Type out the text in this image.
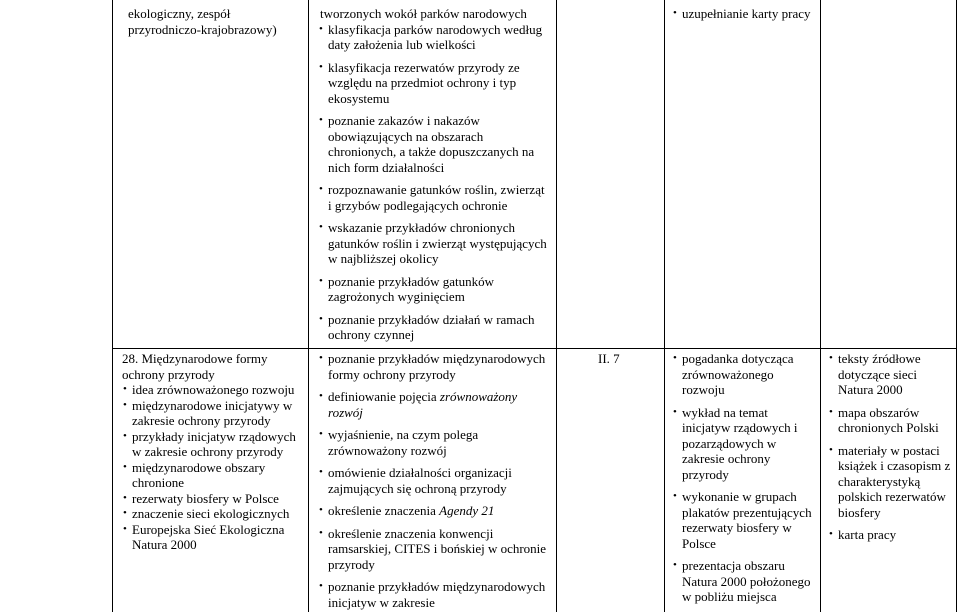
ekologiczny, zespół
przyrodniczo-krajobrazowy)
28. Międzynarodowe formy ochrony przyrody
• idea zrównoważonego rozwoju
• międzynarodowe inicjatywy w zakresie ochrony przyrody
• przykłady inicjatyw rządowych w zakresie ochrony przyrody
• międzynarodowe obszary chronione
• rezerwaty biosfery w Polsce
• znaczenie sieci ekologicznych
• Europejska Sieć Ekologiczna Natura 2000
tworzonych wokół parków narodowych
• klasyfikacja parków narodowych według daty założenia lub wielkości
• klasyfikacja rezerwatów przyrody ze względu na przedmiot ochrony i typ ekosystemu
• poznanie zakazów i nakazów obowiązujących na obszarach chronionych, a także dopuszczanych na nich form działalności
• rozpoznawanie gatunków roślin, zwierząt i grzybów podlegających ochronie
• wskazanie przykładów chronionych gatunków roślin i zwierząt występujących w najbliższej okolicy
• poznanie przykładów gatunków zagrożonych wyginięciem
• poznanie przykładów działań w ramach ochrony czynnej
• poznanie przykładów międzynarodowych formy ochrony przyrody
• definiowanie pojęcia zrównoważony rozwój
• wyjaśnienie, na czym polega zrównoważony rozwój
• omówienie działalności organizacji zajmujących się ochroną przyrody
• określenie znaczenia Agendy 21
• określenie znaczenia konwencji ramsarskiej, CITES i bońskiej w ochronie przyrody
• poznanie przykładów międzynarodowych inicjatyw w zakresie
II. 7
• uzupełnianie karty pracy
• pogadanka dotycząca zrównoważonego rozwoju
• wykład na temat inicjatyw rządowych i pozarządowych w zakresie ochrony przyrody
• wykonanie w grupach plakatów prezentujących rezerwaty biosfery w Polsce
• prezentacja obszaru Natura 2000 położonego w pobliżu miejsca
• teksty źródłowe dotyczące sieci Natura 2000
• mapa obszarów chronionych Polski
• materiały w postaci książek i czasopism z charakterystyką polskich rezerwatów biosfery
• karta pracy
